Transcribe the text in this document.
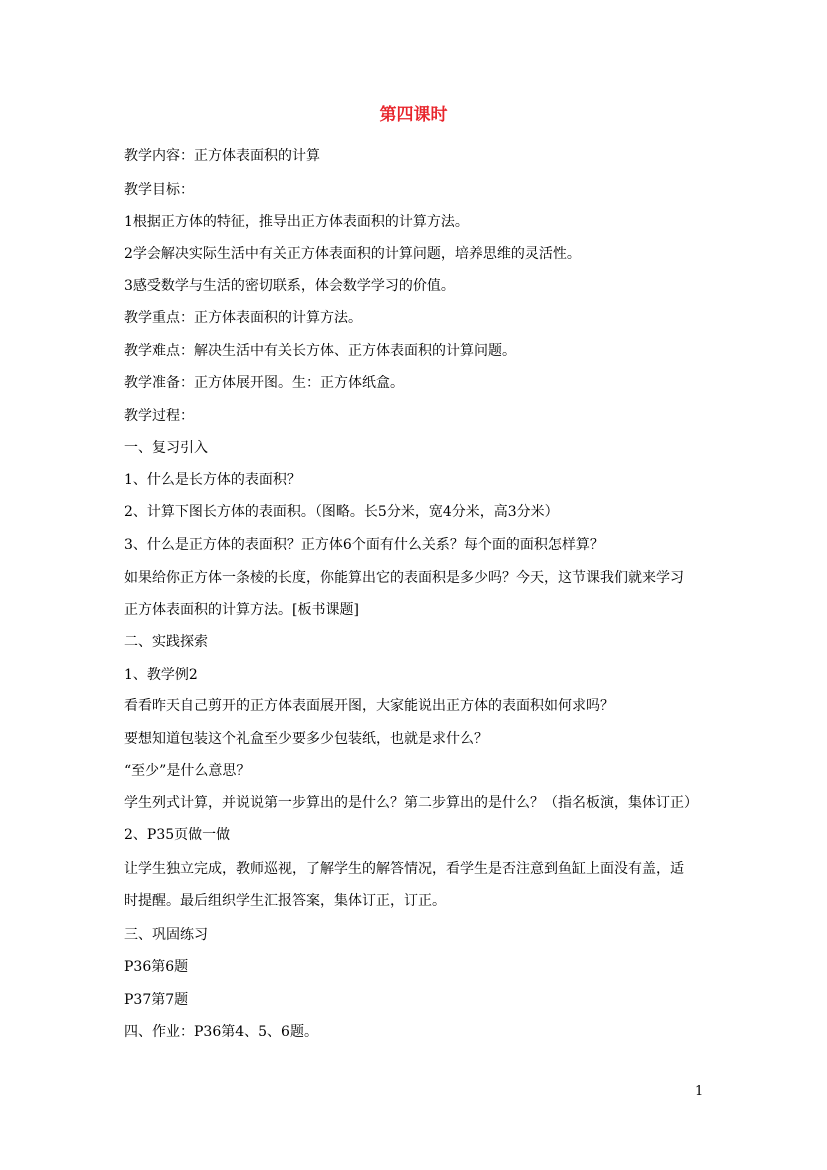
第四课时
教学内容：正方体表面积的计算
教学目标：
1根据正方体的特征，推导出正方体表面积的计算方法。
2学会解决实际生活中有关正方体表面积的计算问题，培养思维的灵活性。
3感受数学与生活的密切联系，体会数学学习的价值。
教学重点：正方体表面积的计算方法。
教学难点：解决生活中有关长方体、正方体表面积的计算问题。
教学准备：正方体展开图。生：正方体纸盒。
教学过程：
一、复习引入
1、什么是长方体的表面积？
2、计算下图长方体的表面积。（图略。长5分米，宽4分米，高3分米）
3、什么是正方体的表面积？正方体6个面有什么关系？每个面的面积怎样算？
如果给你正方体一条棱的长度，你能算出它的表面积是多少吗？今天，这节课我们就来学习
正方体表面积的计算方法。[板书课题]
二、实践探索
1、教学例2
看看昨天自己剪开的正方体表面展开图，大家能说出正方体的表面积如何求吗？
要想知道包装这个礼盒至少要多少包装纸，也就是求什么？
“至少”是什么意思？
学生列式计算，并说说第一步算出的是什么？第二步算出的是什么？（指名板演，集体订正）
2、P35页做一做
让学生独立完成，教师巡视，了解学生的解答情况，看学生是否注意到鱼缸上面没有盖，适
时提醒。最后组织学生汇报答案，集体订正，订正。
三、巩固练习
P36第6题
P37第7题
四、作业：P36第4、5、6题。
1
